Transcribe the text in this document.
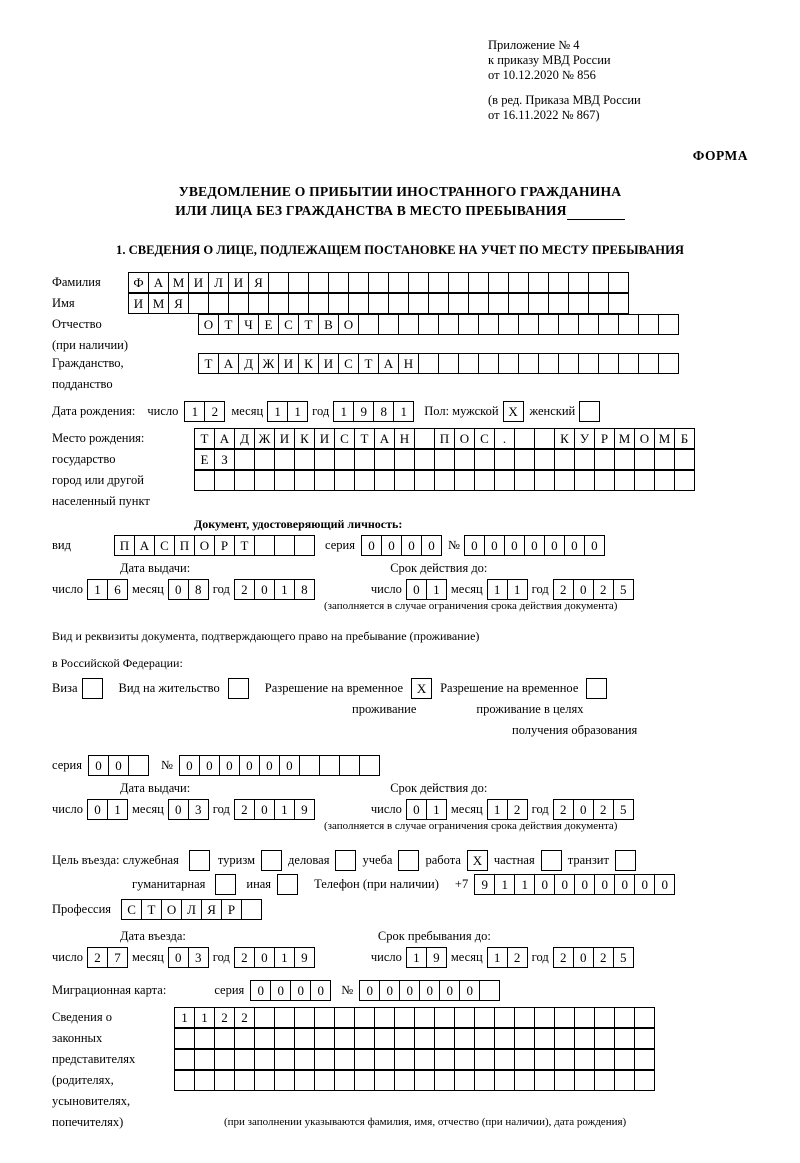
Приложение № 4
к приказу МВД России
от 10.12.2020 № 856
(в ред. Приказа МВД России
от 16.11.2022 № 867)
ФОРМА
УВЕДОМЛЕНИЕ О ПРИБЫТИИ ИНОСТРАННОГО ГРАЖДАНИНА
ИЛИ ЛИЦА БЕЗ ГРАЖДАНСТВА В МЕСТО ПРЕБЫВАНИЯ
1. СВЕДЕНИЯ О ЛИЦЕ, ПОДЛЕЖАЩЕМ ПОСТАНОВКЕ НА УЧЕТ ПО МЕСТУ ПРЕБЫВАНИЯ
Фамилия	Ф А М И Л И Я
Имя	И М Я
Отчество	О Т Ч Е С Т В О
(при наличии)
Гражданство,	Т А Д Ж И К И С Т А Н
подданство
Дата рождения: число	1	2	месяц 1	1 год 1	9	8	1	Пол: мужской Х женский
Место рождения:	Т А Д Ж И К И С Т А Н	П О С	.	К У Р М О М Б
государство	Е З
город или другой
населенный пункт
Документ, удостоверяющий личность:
вид	П А С П О Р Т	серия	0	0	0	0	№ 0	0	0	0	0	0	0
Дата выдачи:	Срок действия до:
число 1	6 месяц 0	8 год 2	0	1	8	число 0	1 месяц 1	1 год 2	0	2	5
(заполняется в случае ограничения срока действия документа)
Вид и реквизиты документа, подтверждающего право на пребывание (проживание)
в Российской Федерации:
Виза	Вид на жительство	Разрешение на временное	Х	Разрешение на временное
проживание	проживание в целях
получения образования
серия	0	0	№	0	0	0	0	0	0
Дата выдачи:	Срок действия до:
число 0	1 месяц 0	3 год 2	0	1	9	число 0	1 месяц 1	2 год 2	0	2	5
(заполняется в случае ограничения срока действия документа)
Цель въезда: служебная	туризм	деловая	учеба	работа Х частная	транзит
гуманитарная	иная	Телефон (при наличии) +7	9	1	1	0	0	0	0	0	0	0
Профессия	С Т О Л Я Р
Дата въезда:	Срок пребывания до:
число 2	7 месяц 0	3 год 2	0	1	9	число 1	9 месяц 1	2 год 2	0	2	5
Миграционная карта:	серия	0	0	0	0	№	0	0	0	0	0	0
Сведения о	1	1	2	2
законных
представителях
(родителях,
усыновителях,
попечителях)	(при заполнении указываются фамилия, имя, отчество (при наличии), дата рождения)
